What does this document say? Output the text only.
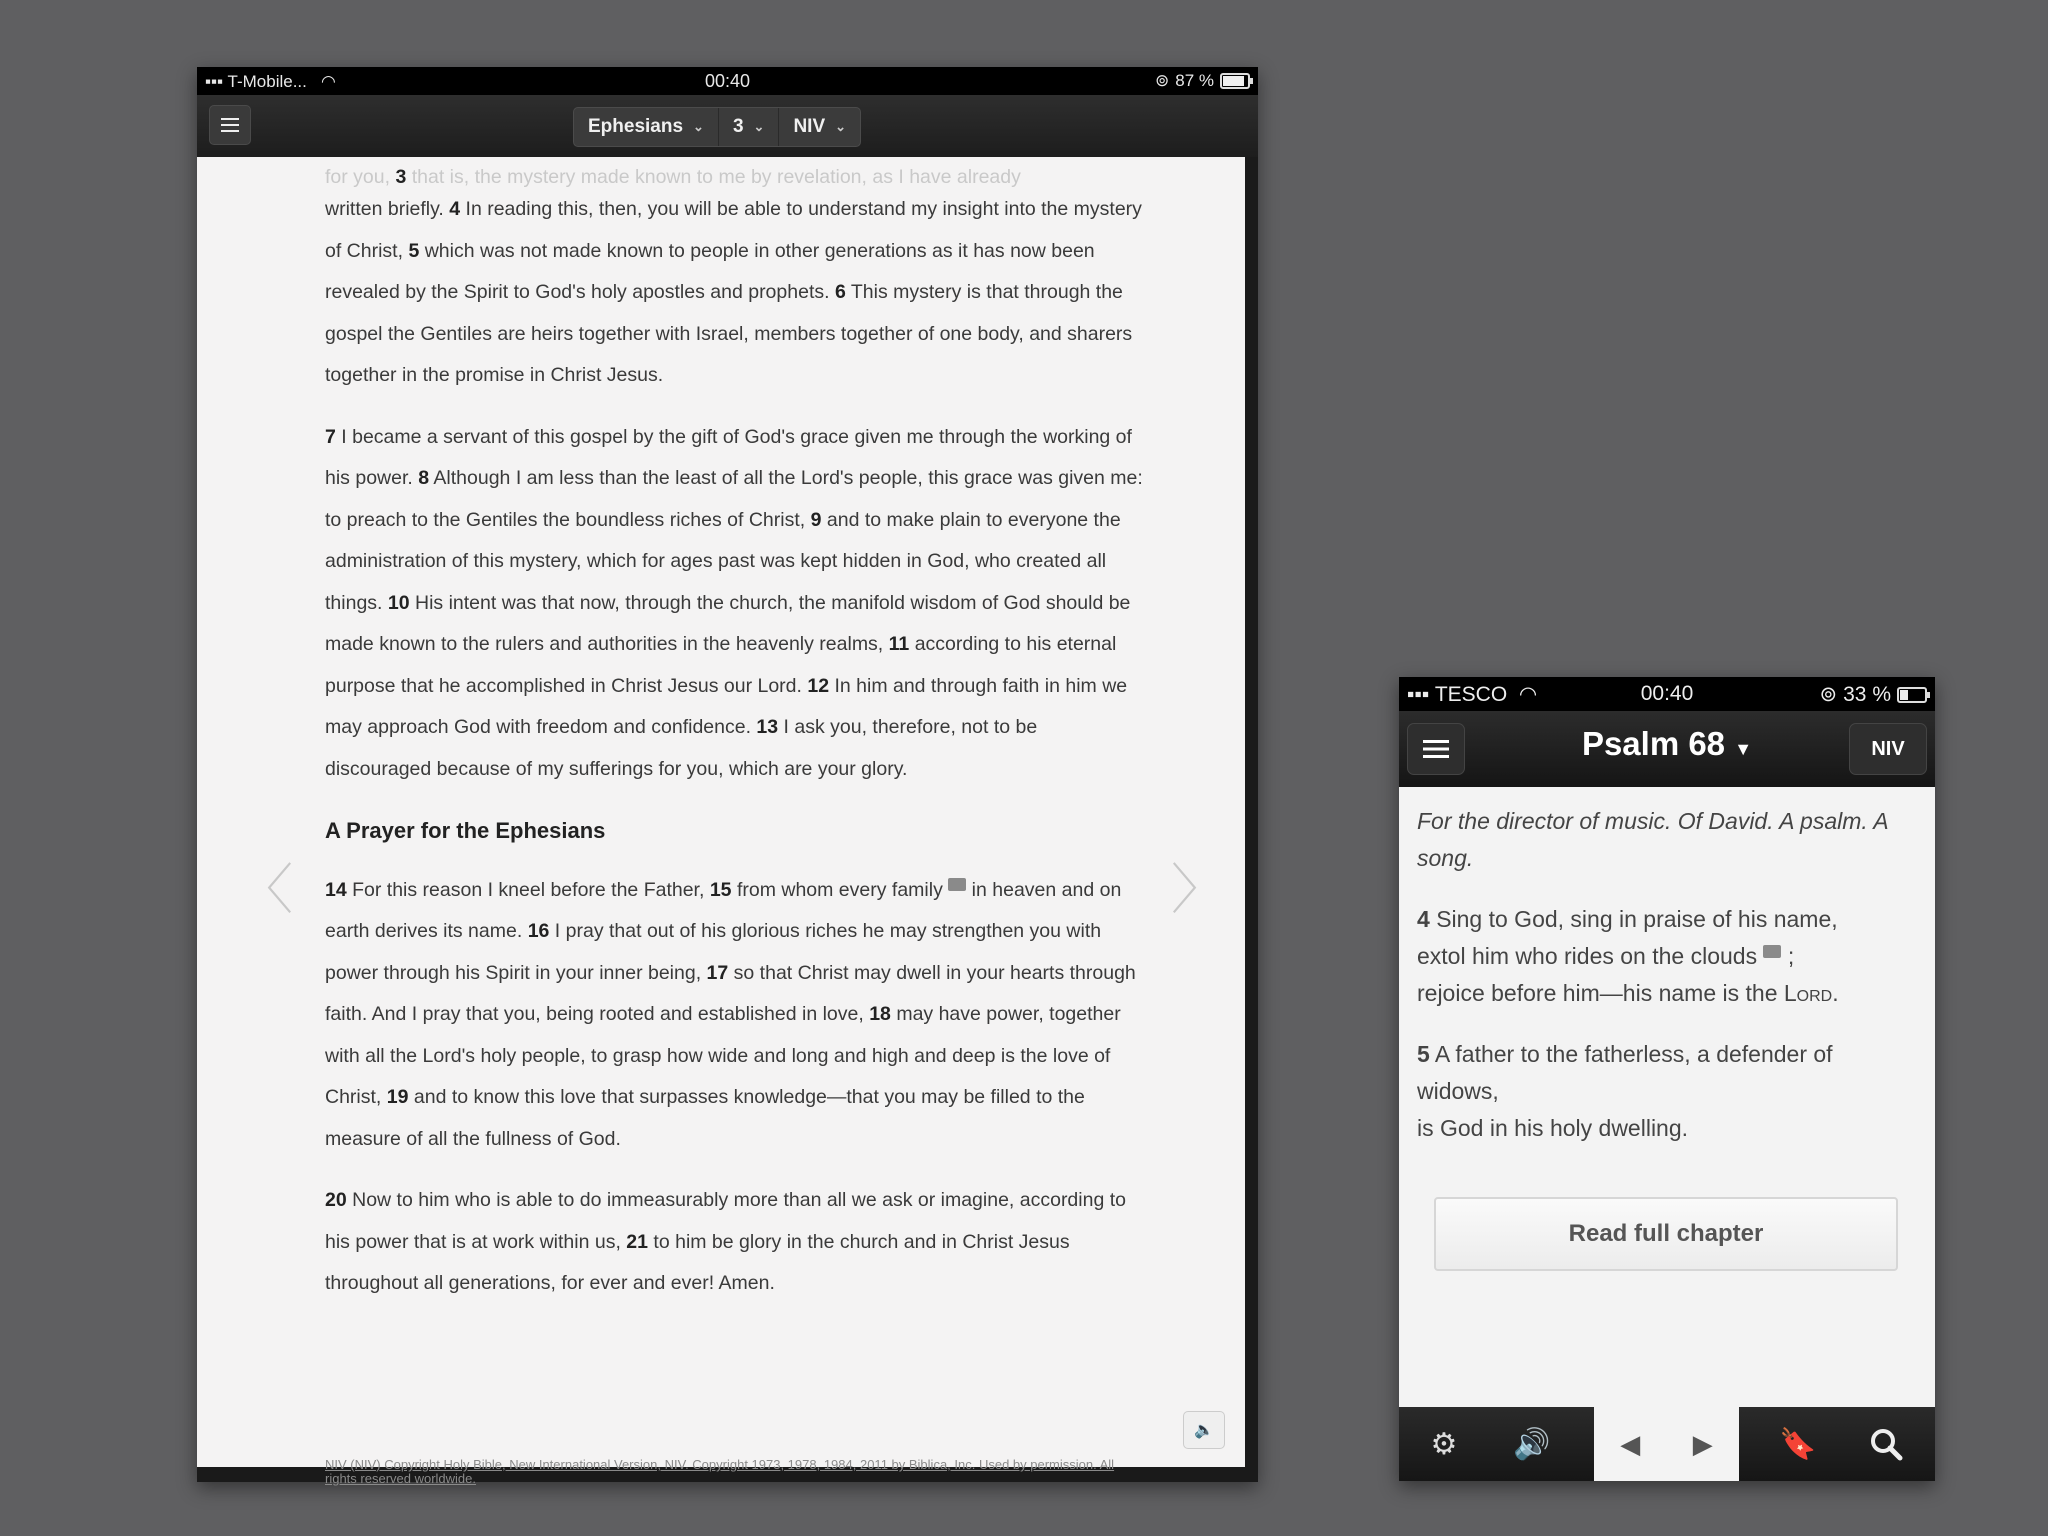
▪▪▪ T-Mobile...   ◠	00:40	⊚ 87 %
Ephesians ⌄ 3 ⌄ NIV ⌄
〈	〉

for you, 3 that is, the mystery made known to me by revelation, as I have already

written briefly. 4 In reading this, then, you will be able to understand my insight into the mystery of Christ, 5 which was not made known to people in other generations as it has now been revealed by the Spirit to God's holy apostles and prophets. 6 This mystery is that through the gospel the Gentiles are heirs together with Israel, members together of one body, and sharers together in the promise in Christ Jesus.

7 I became a servant of this gospel by the gift of God's grace given me through the working of his power. 8 Although I am less than the least of all the Lord's people, this grace was given me: to preach to the Gentiles the boundless riches of Christ, 9 and to make plain to everyone the administration of this mystery, which for ages past was kept hidden in God, who created all things. 10 His intent was that now, through the church, the manifold wisdom of God should be made known to the rulers and authorities in the heavenly realms, 11 according to his eternal purpose that he accomplished in Christ Jesus our Lord. 12 In him and through faith in him we may approach God with freedom and confidence. 13 I ask you, therefore, not to be discouraged because of my sufferings for you, which are your glory.

A Prayer for the Ephesians

14 For this reason I kneel before the Father, 15 from whom every family  in heaven and on earth derives its name. 16 I pray that out of his glorious riches he may strengthen you with power through his Spirit in your inner being, 17 so that Christ may dwell in your hearts through faith. And I pray that you, being rooted and established in love, 18 may have power, together with all the Lord's holy people, to grasp how wide and long and high and deep is the love of Christ, 19 and to know this love that surpasses knowledge—that you may be filled to the measure of all the fullness of God.

20 Now to him who is able to do immeasurably more than all we ask or imagine, according to his power that is at work within us, 21 to him be glory in the church and in Christ Jesus throughout all generations, for ever and ever! Amen.

NIV (NIV) Copyright Holy Bible, New International Version, NIV. Copyright 1973, 1978, 1984, 2011 by Biblica, Inc. Used by permission. All rights reserved worldwide.
🔈
▪▪▪ TESCO  ◠	00:40	⊚ 33 %
Psalm 68 ▼	NIV

For the director of music. Of David. A psalm. A song.

4 Sing to God, sing in praise of his name,
extol him who rides on the clouds ;
rejoice before him—his name is the Lord.

5 A father to the fatherless, a defender of widows,
is God in his holy dwelling.

Read full chapter
⚙ 🔊	◀ ▶ 🔖
